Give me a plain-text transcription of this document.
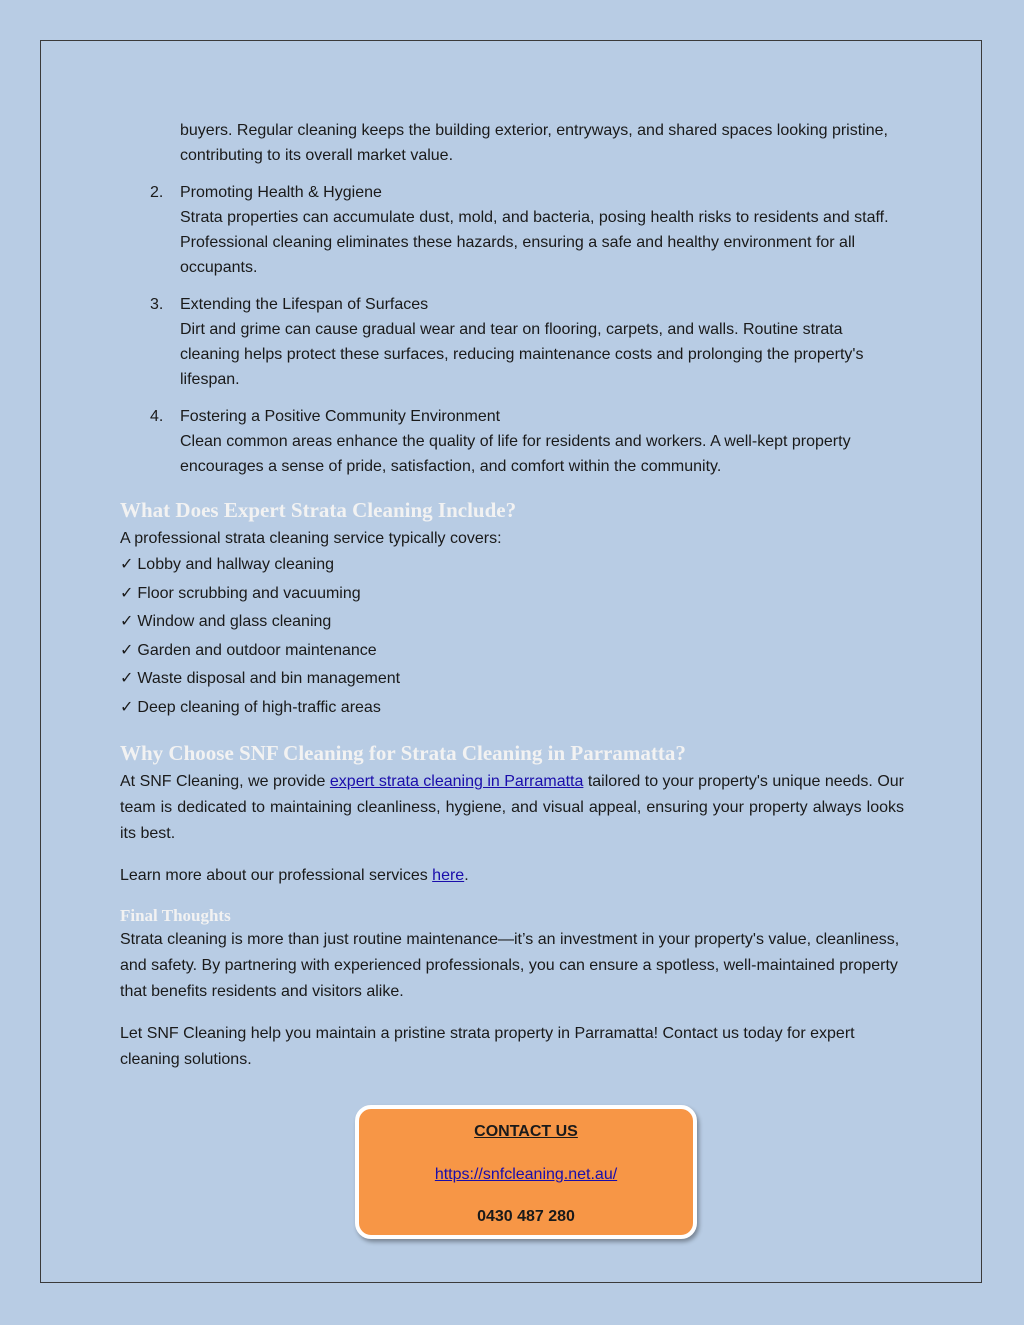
buyers. Regular cleaning keeps the building exterior, entryways, and shared spaces looking pristine, contributing to its overall market value.

2. Promoting Health & Hygiene
Strata properties can accumulate dust, mold, and bacteria, posing health risks to residents and staff. Professional cleaning eliminates these hazards, ensuring a safe and healthy environment for all occupants.
3. Extending the Lifespan of Surfaces
Dirt and grime can cause gradual wear and tear on flooring, carpets, and walls. Routine strata cleaning helps protect these surfaces, reducing maintenance costs and prolonging the property's lifespan.
4. Fostering a Positive Community Environment
Clean common areas enhance the quality of life for residents and workers. A well-kept property encourages a sense of pride, satisfaction, and comfort within the community.
What Does Expert Strata Cleaning Include?

A professional strata cleaning service typically covers:

✓ Lobby and hallway cleaning
✓ Floor scrubbing and vacuuming
✓ Window and glass cleaning
✓ Garden and outdoor maintenance
✓ Waste disposal and bin management
✓ Deep cleaning of high-traffic areas
Why Choose SNF Cleaning for Strata Cleaning in Parramatta?

At SNF Cleaning, we provide expert strata cleaning in Parramatta tailored to your property's unique needs. Our team is dedicated to maintaining cleanliness, hygiene, and visual appeal, ensuring your property always looks its best.

Learn more about our professional services here.

Final Thoughts

Strata cleaning is more than just routine maintenance—it’s an investment in your property's value, cleanliness, and safety. By partnering with experienced professionals, you can ensure a spotless, well-maintained property that benefits residents and visitors alike.

Let SNF Cleaning help you maintain a pristine strata property in Parramatta! Contact us today for expert cleaning solutions.

CONTACT US
https://snfcleaning.net.au/
0430 487 280
